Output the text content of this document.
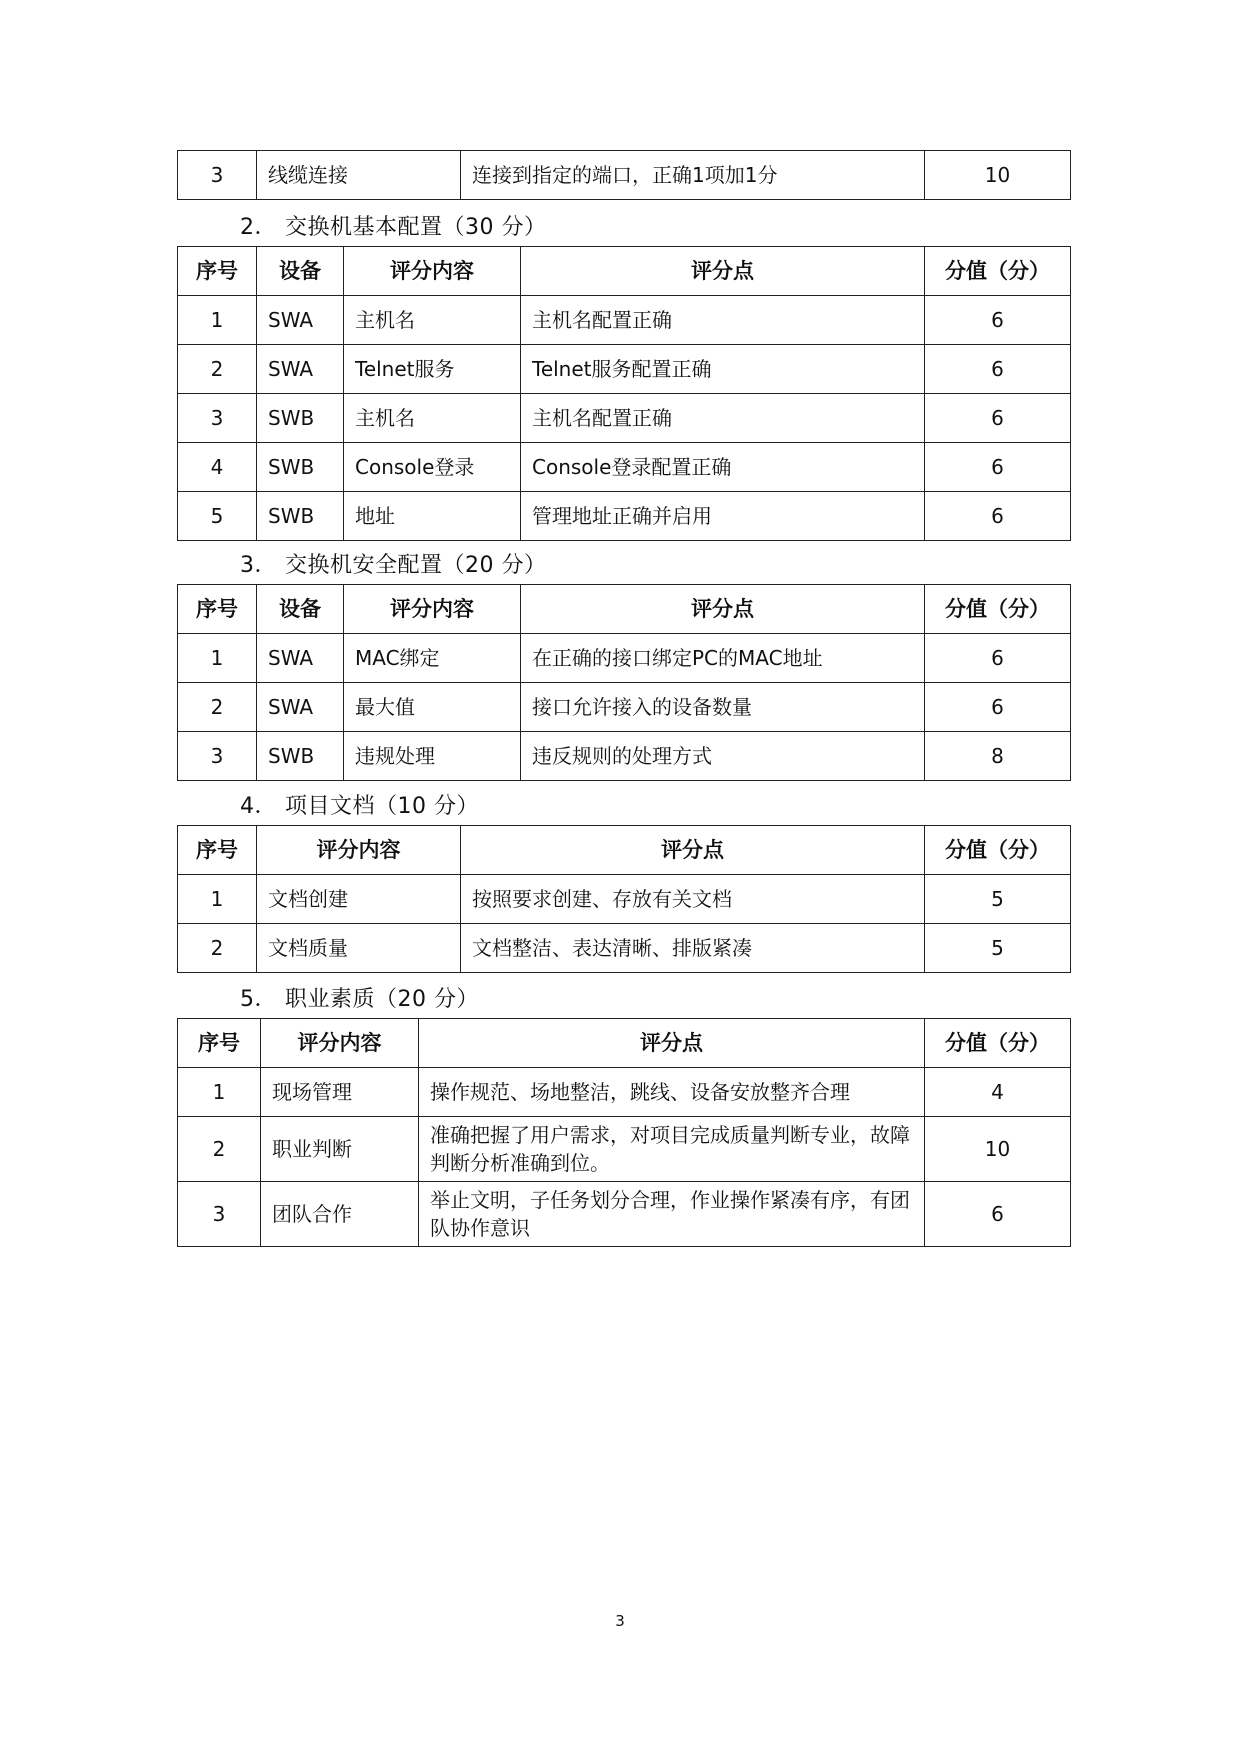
3	线缆连接	连接到指定的端口，正确1项加1分	10
2． 交换机基本配置（30 分）
序号	设备	评分内容	评分点	分值（分）
1	SWA	主机名	主机名配置正确	6
2	SWA	Telnet服务	Telnet服务配置正确	6
3	SWB	主机名	主机名配置正确	6
4	SWB	Console登录	Console登录配置正确	6
5	SWB	地址	管理地址正确并启用	6
3． 交换机安全配置（20 分）
序号	设备	评分内容	评分点	分值（分）
1	SWA	MAC绑定	在正确的接口绑定PC的MAC地址	6
2	SWA	最大值	接口允许接入的设备数量	6
3	SWB	违规处理	违反规则的处理方式	8
4． 项目文档（10 分）
序号	评分内容	评分点	分值（分）
1	文档创建	按照要求创建、存放有关文档	5
2	文档质量	文档整洁、表达清晰、排版紧凑	5
5． 职业素质（20 分）
序号	评分内容	评分点	分值（分）
1	现场管理	操作规范、场地整洁，跳线、设备安放整齐合理	4
2	职业判断	准确把握了用户需求，对项目完成质量判断专业，故障判断分析准确到位。	10
3	团队合作	举止文明，子任务划分合理，作业操作紧凑有序，有团队协作意识	6
3
